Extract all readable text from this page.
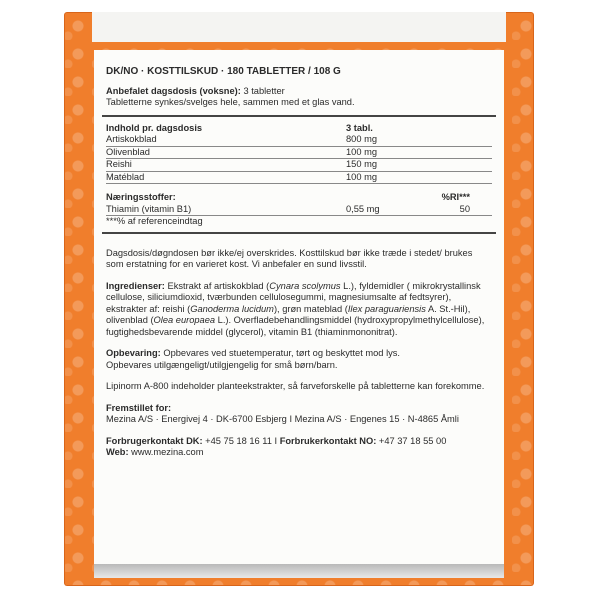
DK/NO · KOSTTILSKUD · 180 TABLETTER / 108 G

Anbefalet dagsdosis (voksne): 3 tabletter

Tabletterne synkes/svelges hele, sammen med et glas vand.

Indhold pr. dagsdosis	3 tabl.	
Artiskokblad	800 mg	
Olivenblad	100 mg	
Reishi	150 mg	
Matéblad	100 mg	
Næringsstoffer:		%RI***
Thiamin (vitamin B1)	0,55 mg	50
***% af referenceindtag		

Dagsdosis/døgndosen bør ikke/ej overskrides. Kosttilskud bør ikke træde i stedet/ brukes som erstatning for en varieret kost. Vi anbefaler en sund livsstil.

Ingredienser: Ekstrakt af artiskokblad (Cynara scolymus L.), fyldemidler ( mikrokrystallinsk cellulose, siliciumdioxid, tværbunden cellulosegummi, magnesiumsalte af fedtsyrer), ekstrakter af: reishi (Ganoderma lucidum), grøn mateblad (Ilex paraguariensis A. St.-Hil), olivenblad (Olea europaea L.). Overfladebehandlingsmiddel (hydroxypropylmethylcellulose), fugtighedsbevarende middel (glycerol), vitamin B1 (thiaminmononitrat).

Opbevaring: Opbevares ved stuetemperatur, tørt og beskyttet mod lys.

Opbevares utilgængeligt/utilgjengelig for små børn/barn.

Lipinorm A-800 indeholder planteekstrakter, så farveforskelle på tabletterne kan forekomme.

Fremstillet for:

Mezina A/S · Energivej 4 · DK-6700 Esbjerg I Mezina A/S · Engenes 15 · N-4865 Åmli

Forbrugerkontakt DK: +45 75 18 16 11 I Forbrukerkontakt NO: +47 37 18 55 00

Web: www.mezina.com
